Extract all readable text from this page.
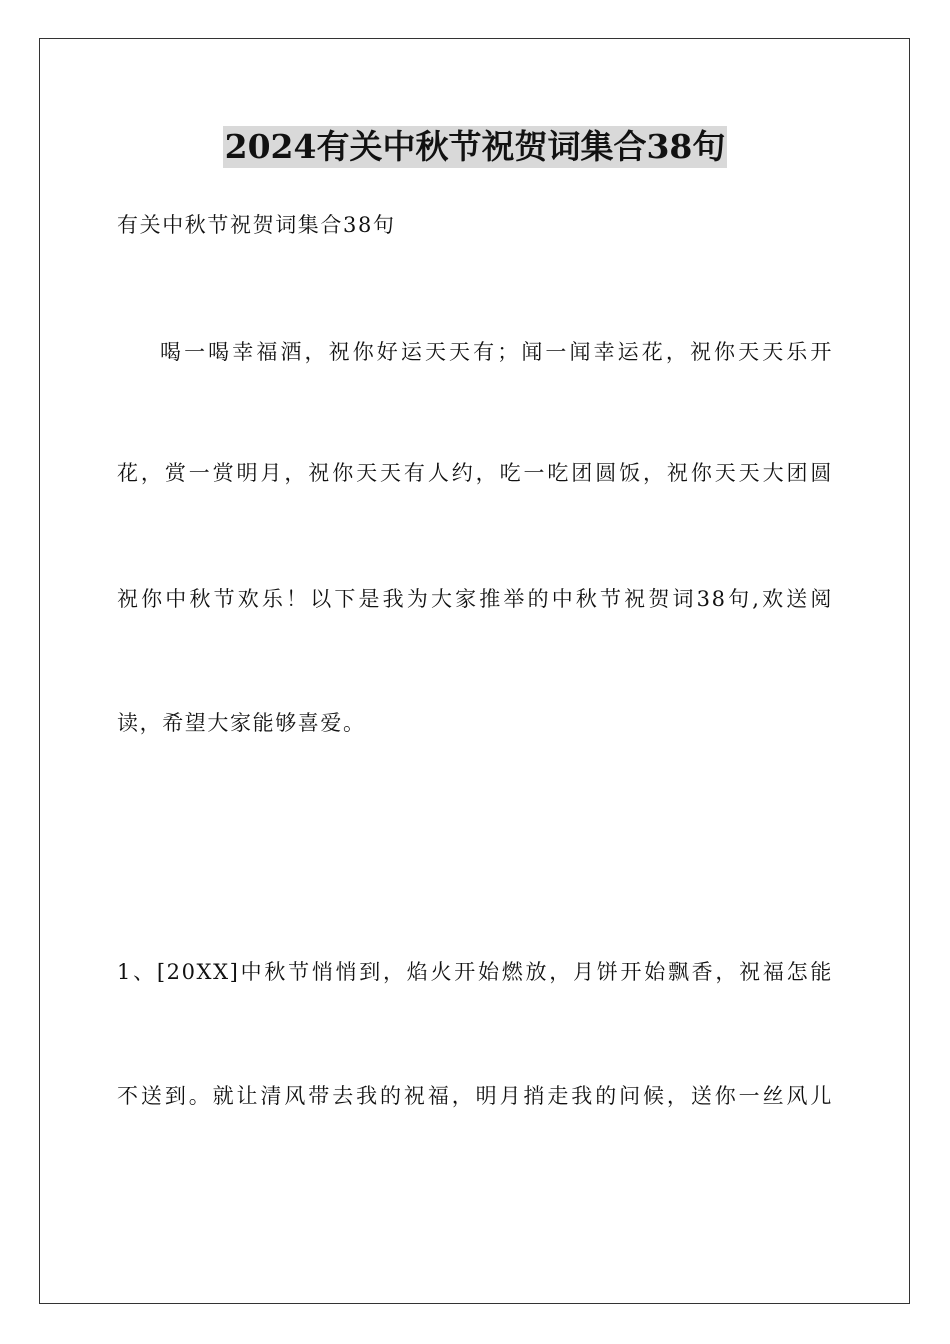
2024有关中秋节祝贺词集合38句
有关中秋节祝贺词集合38句
喝一喝幸福酒，祝你好运天天有；闻一闻幸运花，祝你天天乐开
花，赏一赏明月，祝你天天有人约，吃一吃团圆饭，祝你天天大团圆
祝你中秋节欢乐！以下是我为大家推举的中秋节祝贺词38句,欢送阅
读，希望大家能够喜爱。
1、[20XX]中秋节悄悄到，焰火开始燃放，月饼开始飘香，祝福怎能
不送到。就让清风带去我的祝福，明月捎走我的问候，送你一丝风儿
